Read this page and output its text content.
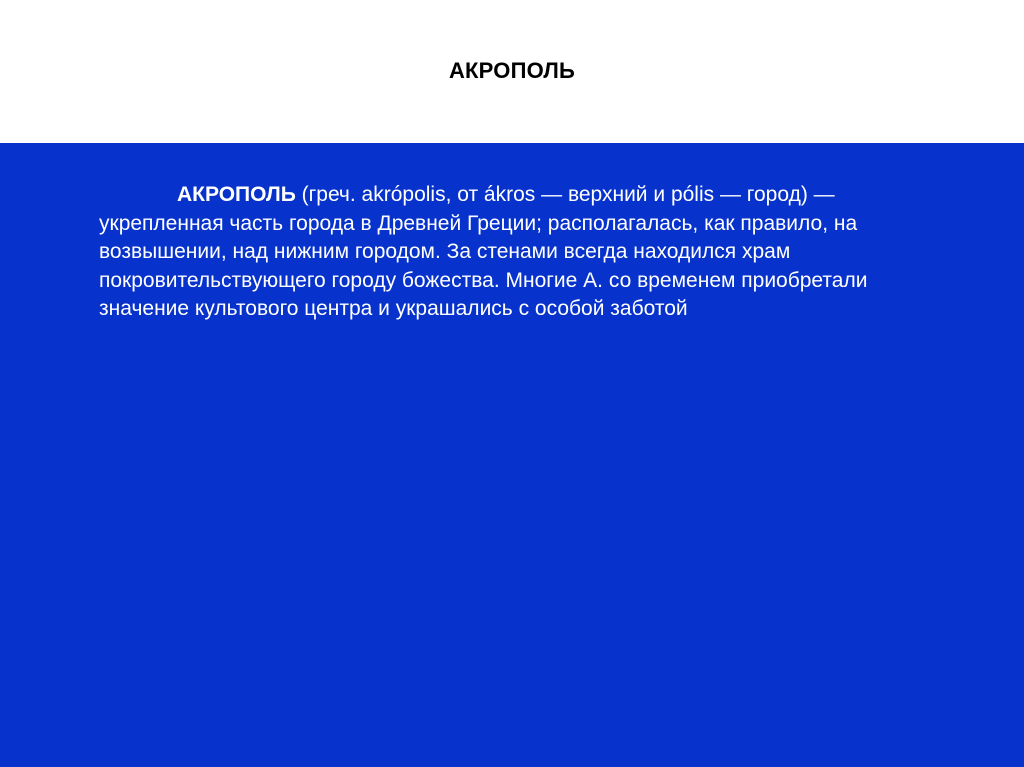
АКРОПОЛЬ

АКРОПОЛЬ (греч. akrópolis, от ákros — верхний и pólis — город) — укрепленная часть города в Древней Греции; располагалась, как правило, на возвышении, над нижним городом. За стенами всегда находился храм покровительствующего городу божества. Многие А. со временем приобретали значение культового центра и украшались с особой заботой
